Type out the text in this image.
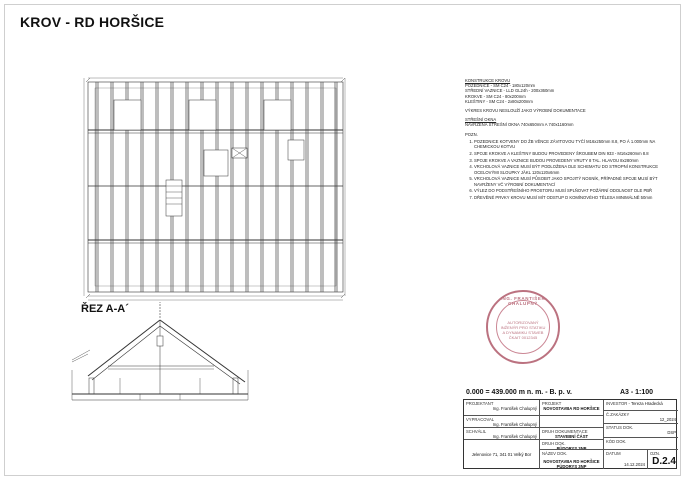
KROV - RD HORŠICE
ŘEZ A-A´

KONSTRUKCE KROVU

POZEDNICE - SM C24 - 180x120mm

STŘEDNÍ VAZNICE - LLD GL24h - 200x360mm

KROKVE - SM C24 - 80x200mm

KLEŠTINY - SM C24 - 2x80x200mm

VÝKRES KROVU NESLOUŽÍ JAKO VÝROBNÍ DOKUMENTACE

STŘEŠNÍ OKNA

NAVRŽENÁ STŘEŠNÍ OKNA 740x650mm A 740x1160mm

POZN.

1. POZEDNICE KOTVENY DO ŽB VĚNCE ZÁVITOVOU TYČÍ M16x250mm 8.8, PO Á 1.000mm NA CHEMICKOU KOTVU
2. SPOJE KROKVE A KLEŠTINY BUDOU PROVEDENY ŠROUBEM DIN 933 - M16x260mm 8.8
3. SPOJE KROKVE A VAZNICE BUDOU PROVEDENY VRUTY 8 TAL. HLAVOU 8x280mm
4. VRCHOLOVÁ VAZNICE MUSÍ BÝT PODLOŽENA DLE SCHEMATU DO STROPNÍ KONSTRUKCE OCELOVÝMI SLOUPKY JÄKL 120x120x6mm
5. VRCHOLOVÁ VAZNICE MUSÍ PŮSOBIT JAKO SPOJITÝ NOSNÍK, PŘÍPADNÉ SPOJE MUSÍ BÝT NAVRŽENY VČ VÝROBNÍ DOKUMENTACÍ
6. VÝLEZ DO PODSTŘEŠNÍHO PROSTORU MUSÍ SPLŇOVAT POŽÁRNÍ ODOLNOST DLE PBŘ
7. DŘEVĚNÉ PRVKY KROVU MUSÍ MÍT ODSTUP D KOMÍNOVÉHO TĚLESA MINIMÁLNĚ 50mm
ING. FRANTIŠEK CHALUPNÝ
AUTORIZOVANÝ INŽENÝR PRO STATIKU A DYNAMIKU STAVEB ČKAIT 0012345
0.000 = 439.000 m n. m. - B. p. v.	A3 - 1:100
PROJEKTANT
Ing. František Chalupný
VYPRACOVAL
Ing. František Chalupný
SCHVÁLIL
Ing. František Chalupný
Jelenovice 71, 341 01 Velký Bor
PROJEKT
NOVOSTAVBA RD HORŠICE
DRUH DOKUMENTACE
STAVEBNÍ ČÁST
DRUH DOK.
PŮDORYS 3NP
NÁZEV DOK.
NOVOSTAVBA RD HORŠICE
PŮDORYS 3NP
INVESTOR - Tereza Hradecká
Č.ZAKÁZKY
12_2024
STATUS DOK.
DSP
KÓD DOK.
DATUM
14.12.2024
OZN.
D.2.4
